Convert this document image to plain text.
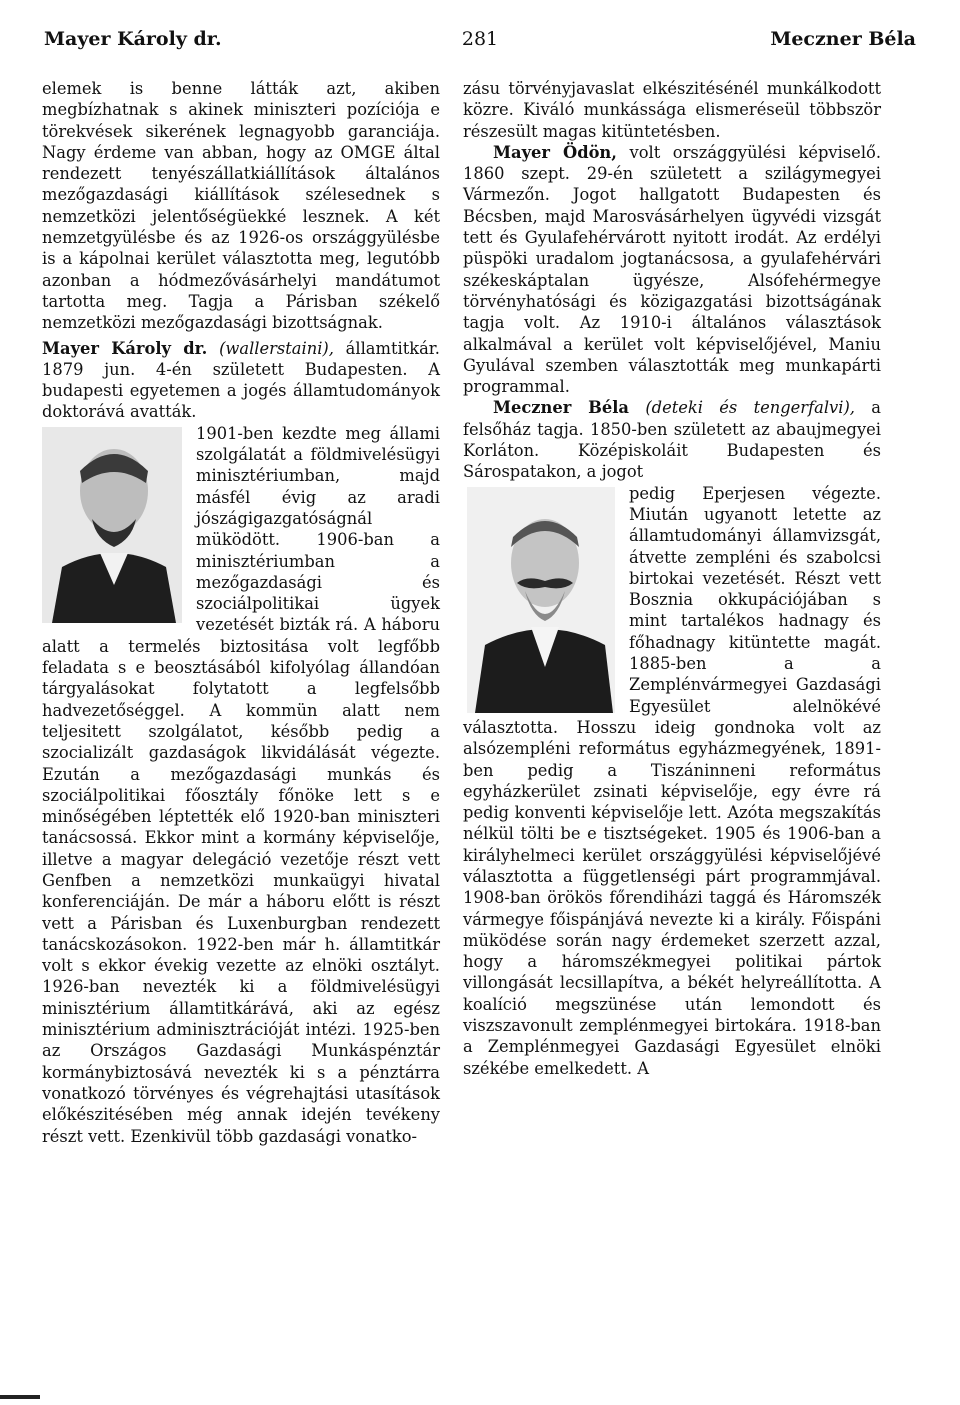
Mayer Károly dr.	281	Meczner Béla

elemek is benne látták azt, akiben megbízhatnak s akinek miniszteri pozíciója e törekvések sikerének legnagyobb garanciája. Nagy érdeme van abban, hogy az OMGE által rendezett tenyészállatkiállítások általános mezőgazdasági kiállítások szélesednek s nemzetközi jelentőségüekké lesznek. A két nemzetgyülésbe és az 1926-os országgyülésbe is a kápolnai kerület választotta meg, legutóbb azonban a hódmezővásárhelyi mandátumot tartotta meg. Tagja a Párisban székelő nemzetközi mezőgazdasági bizottságnak.

Mayer Károly dr. (wallerstaini), államtitkár. 1879 jun. 4-én született Budapesten. A budapesti egyetemen a jogés államtudományok doktorává avatták.

1901-ben kezdte meg állami szolgálatát a földmivelésügyi minisztériumban, majd másfél évig az aradi jószágigazgatóságnál müködött. 1906-ban a minisztériumban a mezőgazdasági és szociálpolitikai ügyek vezetését bizták rá. A háboru alatt a termelés biztositása volt legfőbb feladata s e beosztásából kifolyólag állandóan tárgyalásokat folytatott a legfelsőbb hadvezetőséggel. A kommün alatt nem teljesitett szolgálatot, később pedig a szocializált gazdaságok likvidálását végezte. Ezután a mezőgazdasági munkás és szociálpolitikai főosztály főnöke lett s e minőségében léptették elő 1920-ban miniszteri tanácsossá. Ekkor mint a kormány képviselője, illetve a magyar delegáció vezetője részt vett Genfben a nemzetközi munkaügyi hivatal konferenciáján. De már a háboru előtt is részt vett a Párisban és Luxenburgban rendezett tanácskozásokon. 1922-ben már h. államtitkár volt s ekkor évekig vezette az elnöki osztályt. 1926-ban nevezték ki a földmivelésügyi minisztérium államtitkárává, aki az egész minisztérium adminisztrációját intézi. 1925-ben az Országos Gazdasági Munkáspénztár kormánybiztosává nevezték ki s a pénztárra vonatkozó törvényes és végrehajtási utasítások előkészitésében még annak idején tevékeny részt vett. Ezenkivül több gazdasági vonatko-

zásu törvényjavaslat elkészitésénél munkálkodott közre. Kiváló munkássága elismeréseül többször részesült magas kitüntetésben.

Mayer Ödön, volt országgyülési képviselő. 1860 szept. 29-én született a szilágymegyei Vármezőn. Jogot hallgatott Budapesten és Bécsben, majd Marosvásárhelyen ügyvédi vizsgát tett és Gyulafehérvárott nyitott irodát. Az erdélyi püspöki uradalom jogtanácsosa, a gyulafehérvári székeskáptalan ügyésze, Alsófehérmegye törvényhatósági és közigazgatási bizottságának tagja volt. Az 1910-i általános választások alkalmával a kerület volt képviselőjével, Maniu Gyulával szemben választották meg munkapárti programmal.

Meczner Béla (deteki és tengerfalvi), a felsőház tagja. 1850-ben született az abaujmegyei Korláton. Középiskoláit Budapesten és Sárospatakon, a jogot

pedig Eperjesen végezte. Miután ugyanott letette az államtudományi államvizsgát, átvette zempléni és szabolcsi birtokai vezetését. Részt vett Bosznia okkupációjában s mint tartalékos hadnagy és főhadnagy kitüntette magát. 1885-ben a a Zemplénvármegyei Gazdasági Egyesület alelnökévé választotta. Hosszu ideig gondnoka volt az alsózempléni református egyházmegyének, 1891-ben pedig a Tiszáninneni református egyházkerület zsinati képviselője, egy évre rá pedig konventi képviselője lett. Azóta megszakítás nélkül tölti be e tisztségeket. 1905 és 1906-ban a királyhelmeci kerület országgyülési képviselőjévé választotta a függetlenségi párt programmjával. 1908-ban örökös főrendiházi taggá és Háromszék vármegye főispánjává nevezte ki a király. Főispáni müködése során nagy érdemeket szerzett azzal, hogy a háromszékmegyei politikai pártok villongását lecsillapítva, a békét helyreállította. A koalíció megszünése után lemondott és viszszavonult zemplénmegyei birtokára. 1918-ban a Zemplénmegyei Gazdasági Egyesület elnöki székébe emelkedett. A
